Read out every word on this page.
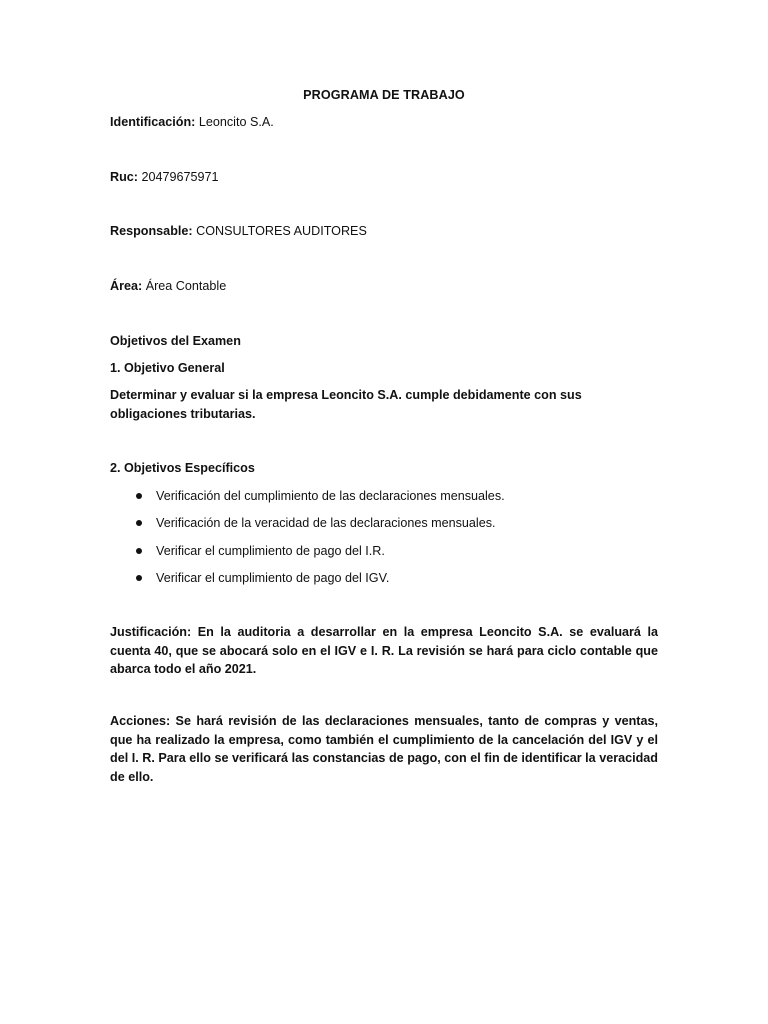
PROGRAMA DE TRABAJO
Identificación: Leoncito S.A.
Ruc: 20479675971
Responsable: CONSULTORES AUDITORES
Área: Área Contable
Objetivos del Examen
1. Objetivo General
Determinar y evaluar si la empresa Leoncito S.A. cumple debidamente con sus obligaciones tributarias.
2. Objetivos Específicos
Verificación del cumplimiento de las declaraciones mensuales.
Verificación de la veracidad de las declaraciones mensuales.
Verificar el cumplimiento de pago del I.R.
Verificar el cumplimiento de pago del IGV.
Justificación: En la auditoria a desarrollar en la empresa Leoncito S.A. se evaluará la cuenta 40, que se abocará solo en el IGV e I. R. La revisión se hará para ciclo contable que abarca todo el año 2021.
Acciones: Se hará revisión de las declaraciones mensuales, tanto de compras y ventas, que ha realizado la empresa, como también el cumplimiento de la cancelación del IGV y el del I. R. Para ello se verificará las constancias de pago, con el fin de identificar la veracidad de ello.
